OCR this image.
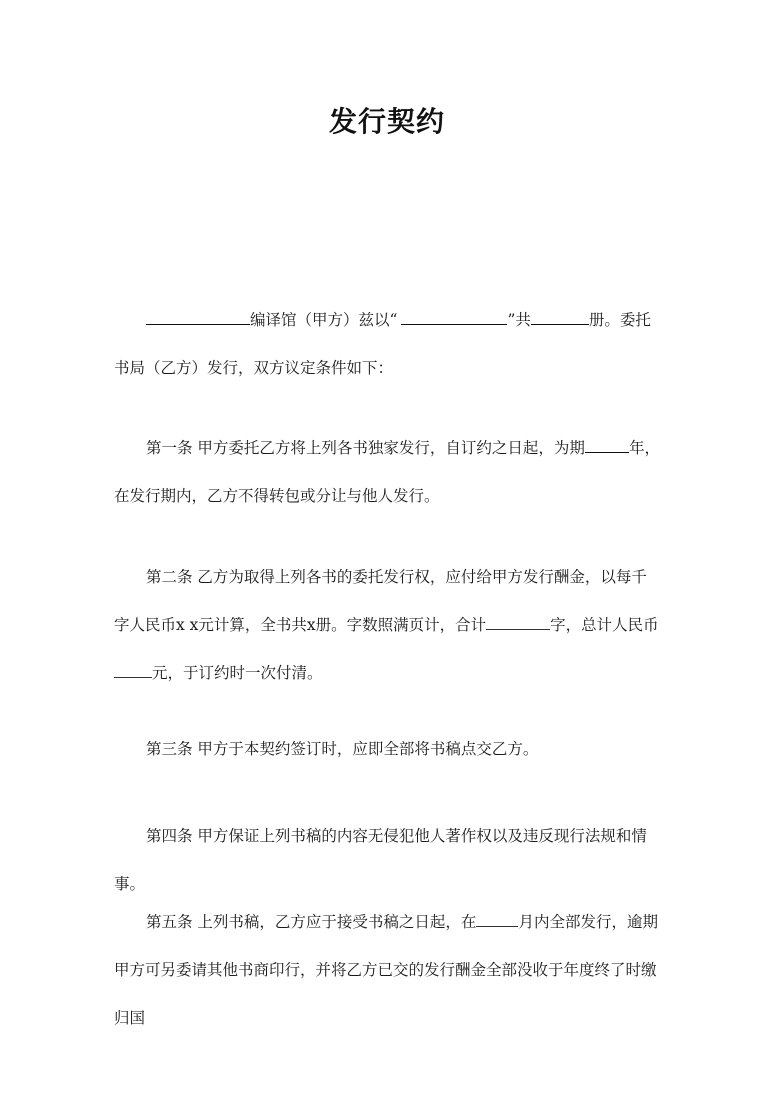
发行契约

编译馆（甲方）兹以“	”共	册。委托书局（乙方）发行，双方议定条件如下：

第一条 甲方委托乙方将上列各书独家发行，自订约之日起，为期	年，在发行期内，乙方不得转包或分让与他人发行。

第二条 乙方为取得上列各书的委托发行权，应付给甲方发行酬金，以每千字人民币x x元计算，全书共x册。字数照满页计，合计	字，总计人民币元，于订约时一次付清。

第三条 甲方于本契约签订时，应即全部将书稿点交乙方。

第四条 甲方保证上列书稿的内容无侵犯他人著作权以及违反现行法规和情事。

第五条 上列书稿，乙方应于接受书稿之日起，在	月内全部发行，逾期甲方可另委请其他书商印行，并将乙方已交的发行酬金全部没收于年度终了时缴归国
